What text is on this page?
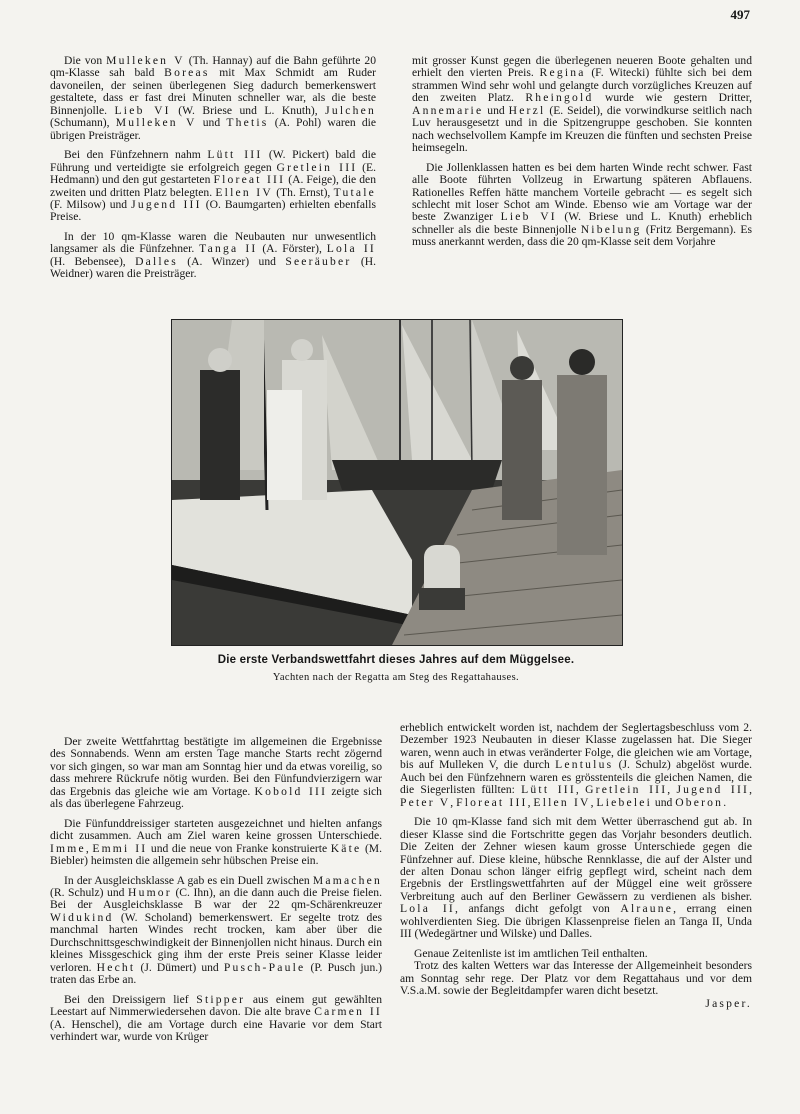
497

Die von Mulleken V (Th. Hannay) auf die Bahn geführte 20 qm-Klasse sah bald Boreas mit Max Schmidt am Ruder davoneilen, der seinen überlegenen Sieg dadurch bemerkenswert gestaltete, dass er fast drei Minuten schneller war, als die beste Binnenjolle. Lieb VI (W. Briese und L. Knuth), Julchen (Schumann), Mulleken V und Thetis (A. Pohl) waren die übrigen Preisträger.

Bei den Fünfzehnern nahm Lütt III (W. Pickert) bald die Führung und verteidigte sie erfolgreich gegen Gretlein III (E. Hedmann) und den gut gestarteten Floreat III (A. Feige), die den zweiten und dritten Platz belegten. Ellen IV (Th. Ernst), Tutale (F. Milsow) und Jugend III (O. Baumgarten) erhielten ebenfalls Preise.

In der 10 qm-Klasse waren die Neubauten nur unwesentlich langsamer als die Fünfzehner. Tanga II (A. Förster), Lola II (H. Bebensee), Dalles (A. Winzer) und Seeräuber (H. Weidner) waren die Preisträger.

mit grosser Kunst gegen die überlegenen neueren Boote gehalten und erhielt den vierten Preis. Regina (F. Witecki) fühlte sich bei dem strammen Wind sehr wohl und gelangte durch vorzügliches Kreuzen auf den zweiten Platz. Rheingold wurde wie gestern Dritter, Annemarie und Herzl (E. Seidel), die vorwindkurse seitlich nach Luv herausgesetzt und in die Spitzengruppe geschoben. Sie konnten nach wechselvollem Kampfe im Kreuzen die fünften und sechsten Preise heimsegeln.

Die Jollenklassen hatten es bei dem harten Winde recht schwer. Fast alle Boote führten Vollzeug in Erwartung späteren Abflauens. Rationelles Reffen hätte manchem Vorteile gebracht — es segelt sich schlecht mit loser Schot am Winde. Ebenso wie am Vortage war der beste Zwanziger Lieb VI (W. Briese und L. Knuth) erheblich schneller als die beste Binnenjolle Nibelung (Fritz Bergemann). Es muss anerkannt werden, dass die 20 qm-Klasse seit dem Vorjahre

Die erste Verbandswettfahrt dieses Jahres auf dem Müggelsee.
Yachten nach der Regatta am Steg des Regattahauses.

Der zweite Wettfahrttag bestätigte im allgemeinen die Ergebnisse des Sonnabends. Wenn am ersten Tage manche Starts recht zögernd vor sich gingen, so war man am Sonntag hier und da etwas voreilig, so dass mehrere Rückrufe nötig wurden. Bei den Fünfundvierzigern war das Ergebnis das gleiche wie am Vortage. Kobold III zeigte sich als das überlegene Fahrzeug.

Die Fünfunddreissiger starteten ausgezeichnet und hielten anfangs dicht zusammen. Auch am Ziel waren keine grossen Unterschiede. Imme, Emmi II und die neue von Franke konstruierte Käte (M. Biebler) heimsten die allgemein sehr hübschen Preise ein.

In der Ausgleichsklasse A gab es ein Duell zwischen Mamachen (R. Schulz) und Humor (C. Ihn), an die dann auch die Preise fielen. Bei der Ausgleichsklasse B war der 22 qm-Schärenkreuzer Widukind (W. Scholand) bemerkenswert. Er segelte trotz des manchmal harten Windes recht trocken, kam aber über die Durchschnittsgeschwindigkeit der Binnenjollen nicht hinaus. Durch ein kleines Missgeschick ging ihm der erste Preis seiner Klasse leider verloren. Hecht (J. Dümert) und Pusch-Paule (P. Pusch jun.) traten das Erbe an.

Bei den Dreissigern lief Stipper aus einem gut gewählten Leestart auf Nimmerwiedersehen davon. Die alte brave Carmen II (A. Henschel), die am Vortage durch eine Havarie vor dem Start verhindert war, wurde von Krüger

erheblich entwickelt worden ist, nachdem der Seglertagsbeschluss vom 2. Dezember 1923 Neubauten in dieser Klasse zugelassen hat. Die Sieger waren, wenn auch in etwas veränderter Folge, die gleichen wie am Vortage, bis auf Mulleken V, die durch Lentulus (J. Schulz) abgelöst wurde. Auch bei den Fünfzehnern waren es grösstenteils die gleichen Namen, die die Siegerlisten füllten: Lütt III, Gretlein III, Jugend III, Peter V, Floreat III, Ellen IV, Liebelei und Oberon.

Die 10 qm-Klasse fand sich mit dem Wetter überraschend gut ab. In dieser Klasse sind die Fortschritte gegen das Vorjahr besonders deutlich. Die Zeiten der Zehner wiesen kaum grosse Unterschiede gegen die Fünfzehner auf. Diese kleine, hübsche Rennklasse, die auf der Alster und der alten Donau schon länger eifrig gepflegt wird, scheint nach dem Ergebnis der Erstlingswettfahrten auf der Müggel eine weit grössere Verbreitung auch auf den Berliner Gewässern zu verdienen als bisher. Lola II, anfangs dicht gefolgt von Alraune, errang einen wohlverdienten Sieg. Die übrigen Klassenpreise fielen an Tanga II, Unda III (Wedegärtner und Wilske) und Dalles.

Genaue Zeitenliste ist im amtlichen Teil enthalten.

Trotz des kalten Wetters war das Interesse der Allgemeinheit besonders am Sonntag sehr rege. Der Platz vor dem Regattahaus und vor dem V.S.a.M. sowie der Begleitdampfer waren dicht besetzt.

Jasper.
